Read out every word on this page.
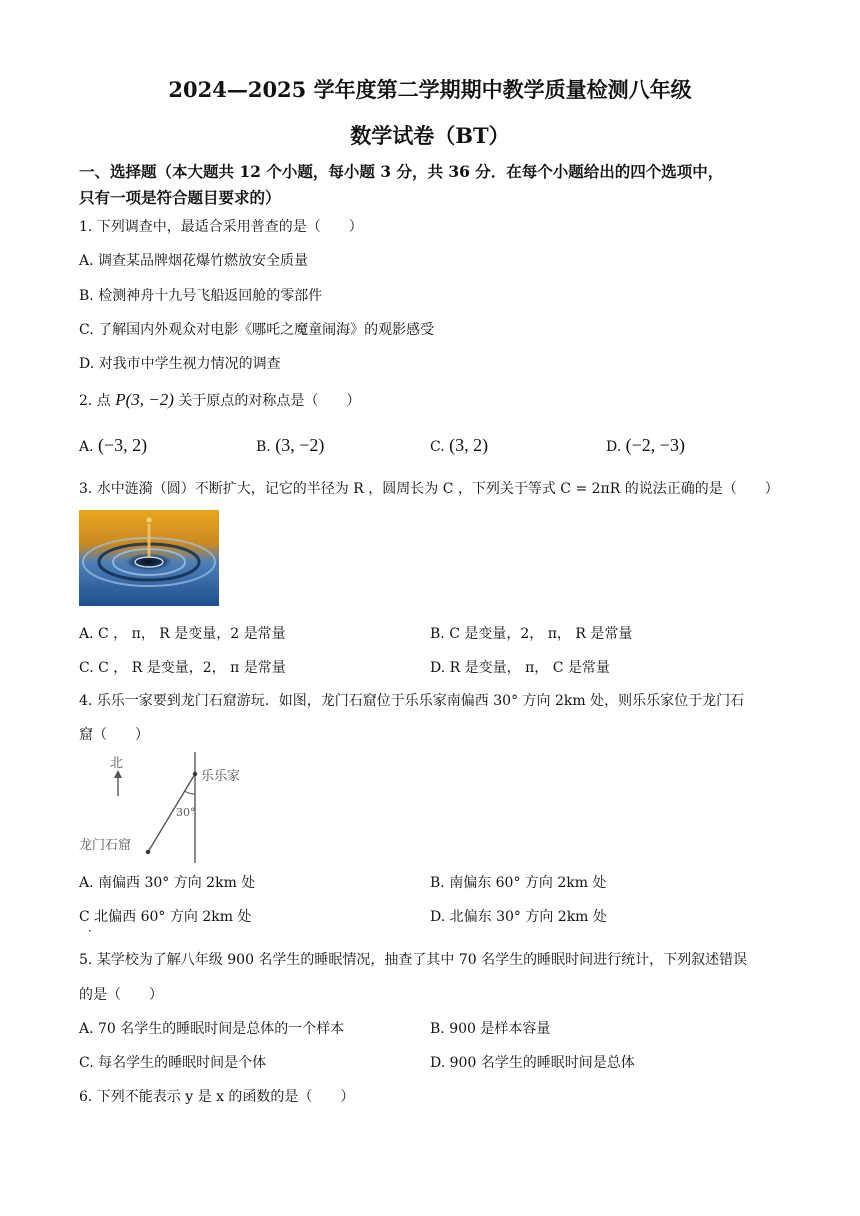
2024—2025 学年度第二学期期中教学质量检测八年级
数学试卷（BT）
一、选择题（本大题共 12 个小题，每小题 3 分，共 36 分．在每个小题给出的四个选项中，
只有一项是符合题目要求的）
1. 下列调查中，最适合采用普查的是（　　）
A. 调查某品牌烟花爆竹燃放安全质量
B. 检测神舟十九号飞船返回舱的零部件
C. 了解国内外观众对电影《哪吒之魔童闹海》的观影感受
D. 对我市中学生视力情况的调查
2. 点 P(3, −2) 关于原点的对称点是（　　）
A. (−3, 2)	B. (3, −2)	C. (3, 2)	D. (−2, −3)
3. 水中涟漪（圆）不断扩大，记它的半径为 R ，圆周长为 C ，下列关于等式 C = 2πR 的说法正确的是（　　）
A. C ， π， R 是变量，2 是常量	B. C 是变量，2， π， R 是常量
C. C ， R 是变量，2， π 是常量	D. R 是变量， π， C 是常量
4. 乐乐一家要到龙门石窟游玩．如图，龙门石窟位于乐乐家南偏西 30° 方向 2km 处，则乐乐家位于龙门石
窟（　　）
北
30°
乐乐家
龙门石窟
A. 南偏西 30° 方向 2km 处	B. 南偏东 60° 方向 2km 处
C 北偏西 60° 方向 2km 处
·
D. 北偏东 30° 方向 2km 处
5. 某学校为了解八年级 900 名学生的睡眠情况，抽查了其中 70 名学生的睡眠时间进行统计，下列叙述错误
的是（　　）
A. 70 名学生的睡眠时间是总体的一个样本	B. 900 是样本容量
C. 每名学生的睡眠时间是个体	D. 900 名学生的睡眠时间是总体
6. 下列不能表示 y 是 x 的函数的是（　　）
